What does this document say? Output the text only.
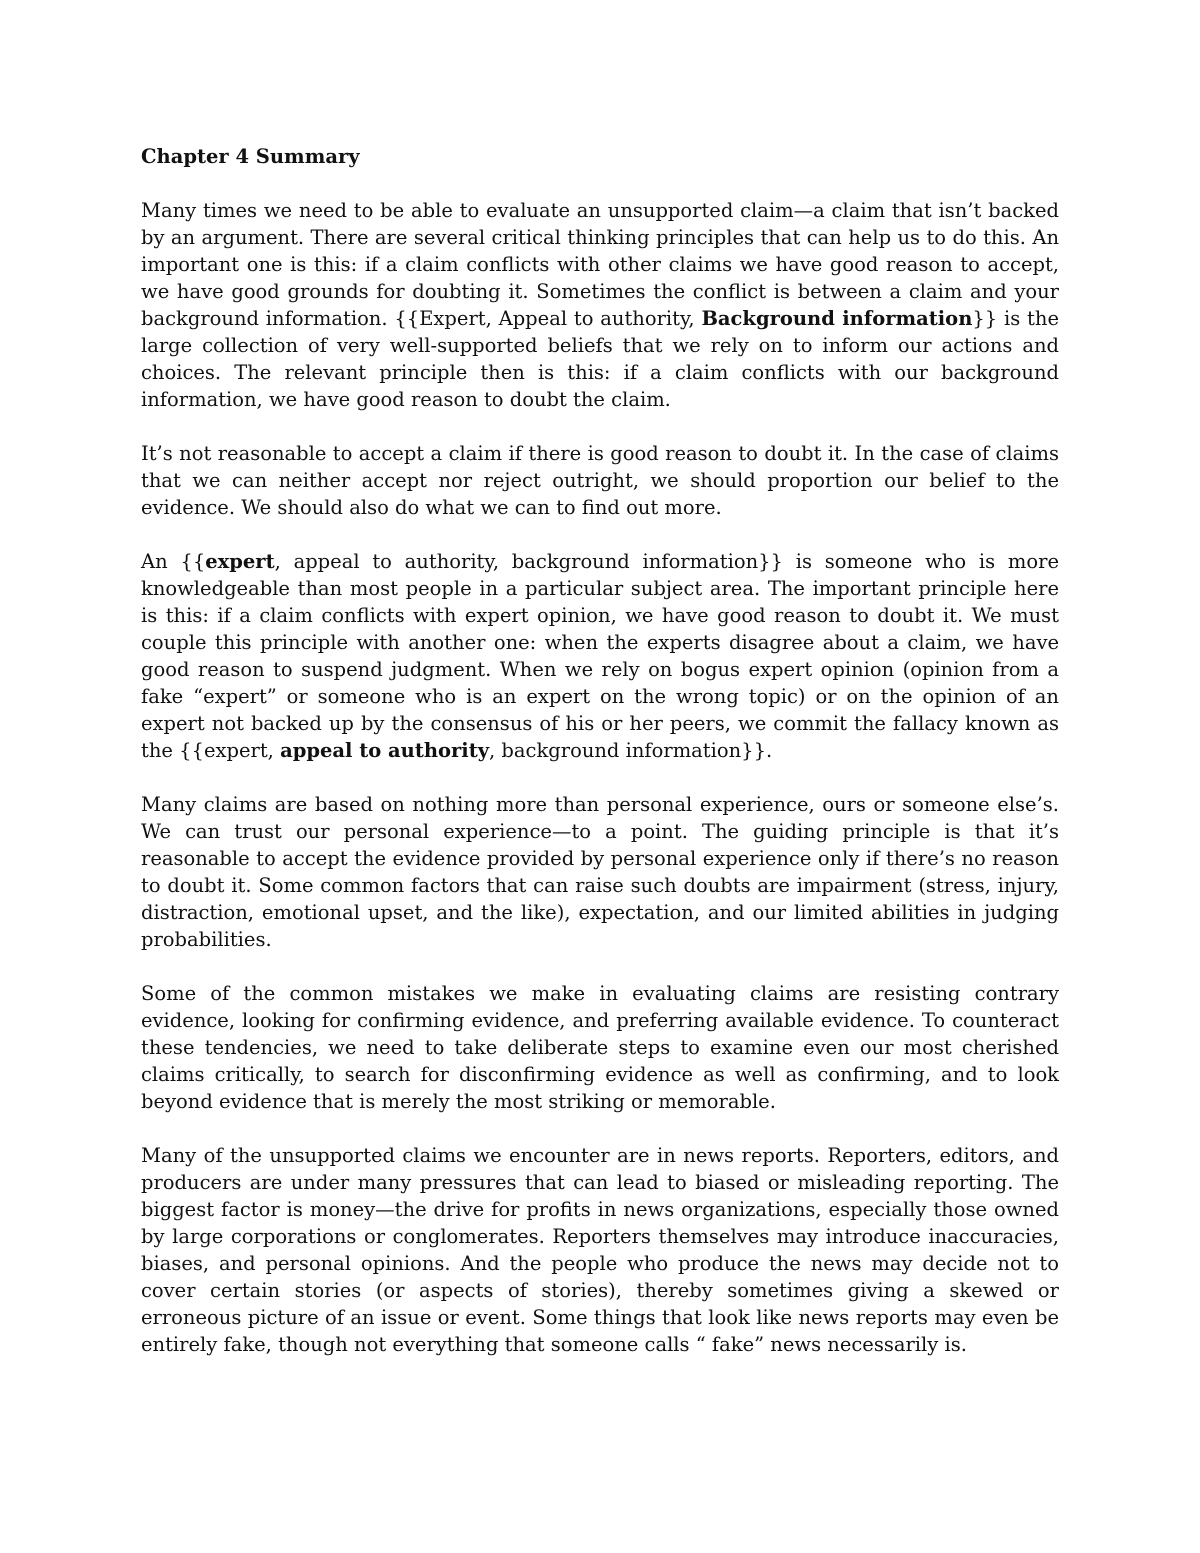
Chapter 4 Summary

Many times we need to be able to evaluate an unsupported claim—a claim that isn’t backed by an argument. There are several critical thinking principles that can help us to do this. An important one is this: if a claim conflicts with other claims we have good reason to accept, we have good grounds for doubting it. Sometimes the conflict is between a claim and your background information. {{Expert, Appeal to authority, Background information}} is the large collection of very well-supported beliefs that we rely on to inform our actions and choices. The relevant principle then is this: if a claim conflicts with our background information, we have good reason to doubt the claim.

It’s not reasonable to accept a claim if there is good reason to doubt it. In the case of claims that we can neither accept nor reject outright, we should proportion our belief to the evidence. We should also do what we can to find out more.

An {{expert, appeal to authority, background information}} is someone who is more knowledgeable than most people in a particular subject area. The important principle here is this: if a claim conflicts with expert opinion, we have good reason to doubt it. We must couple this principle with another one: when the experts disagree about a claim, we have good reason to suspend judgment. When we rely on bogus expert opinion (opinion from a fake “expert” or someone who is an expert on the wrong topic) or on the opinion of an expert not backed up by the consensus of his or her peers, we commit the fallacy known as the {{expert, appeal to authority, background information}}.

Many claims are based on nothing more than personal experience, ours or someone else’s. We can trust our personal experience—to a point. The guiding principle is that it’s reasonable to accept the evidence provided by personal experience only if there’s no reason to doubt it. Some common factors that can raise such doubts are impairment (stress, injury, distraction, emotional upset, and the like), expectation, and our limited abilities in judging probabilities.

Some of the common mistakes we make in evaluating claims are resisting contrary evidence, looking for confirming evidence, and preferring available evidence. To counteract these tendencies, we need to take deliberate steps to examine even our most cherished claims critically, to search for disconfirming evidence as well as confirming, and to look beyond evidence that is merely the most striking or memorable.

Many of the unsupported claims we encounter are in news reports. Reporters, editors, and producers are under many pressures that can lead to biased or misleading reporting. The biggest factor is money—the drive for profits in news organizations, especially those owned by large corporations or conglomerates. Reporters themselves may introduce inaccuracies, biases, and personal opinions. And the people who produce the news may decide not to cover certain stories (or aspects of stories), thereby sometimes giving a skewed or erroneous picture of an issue or event. Some things that look like news reports may even be entirely fake, though not everything that someone calls “ fake” news necessarily is.
